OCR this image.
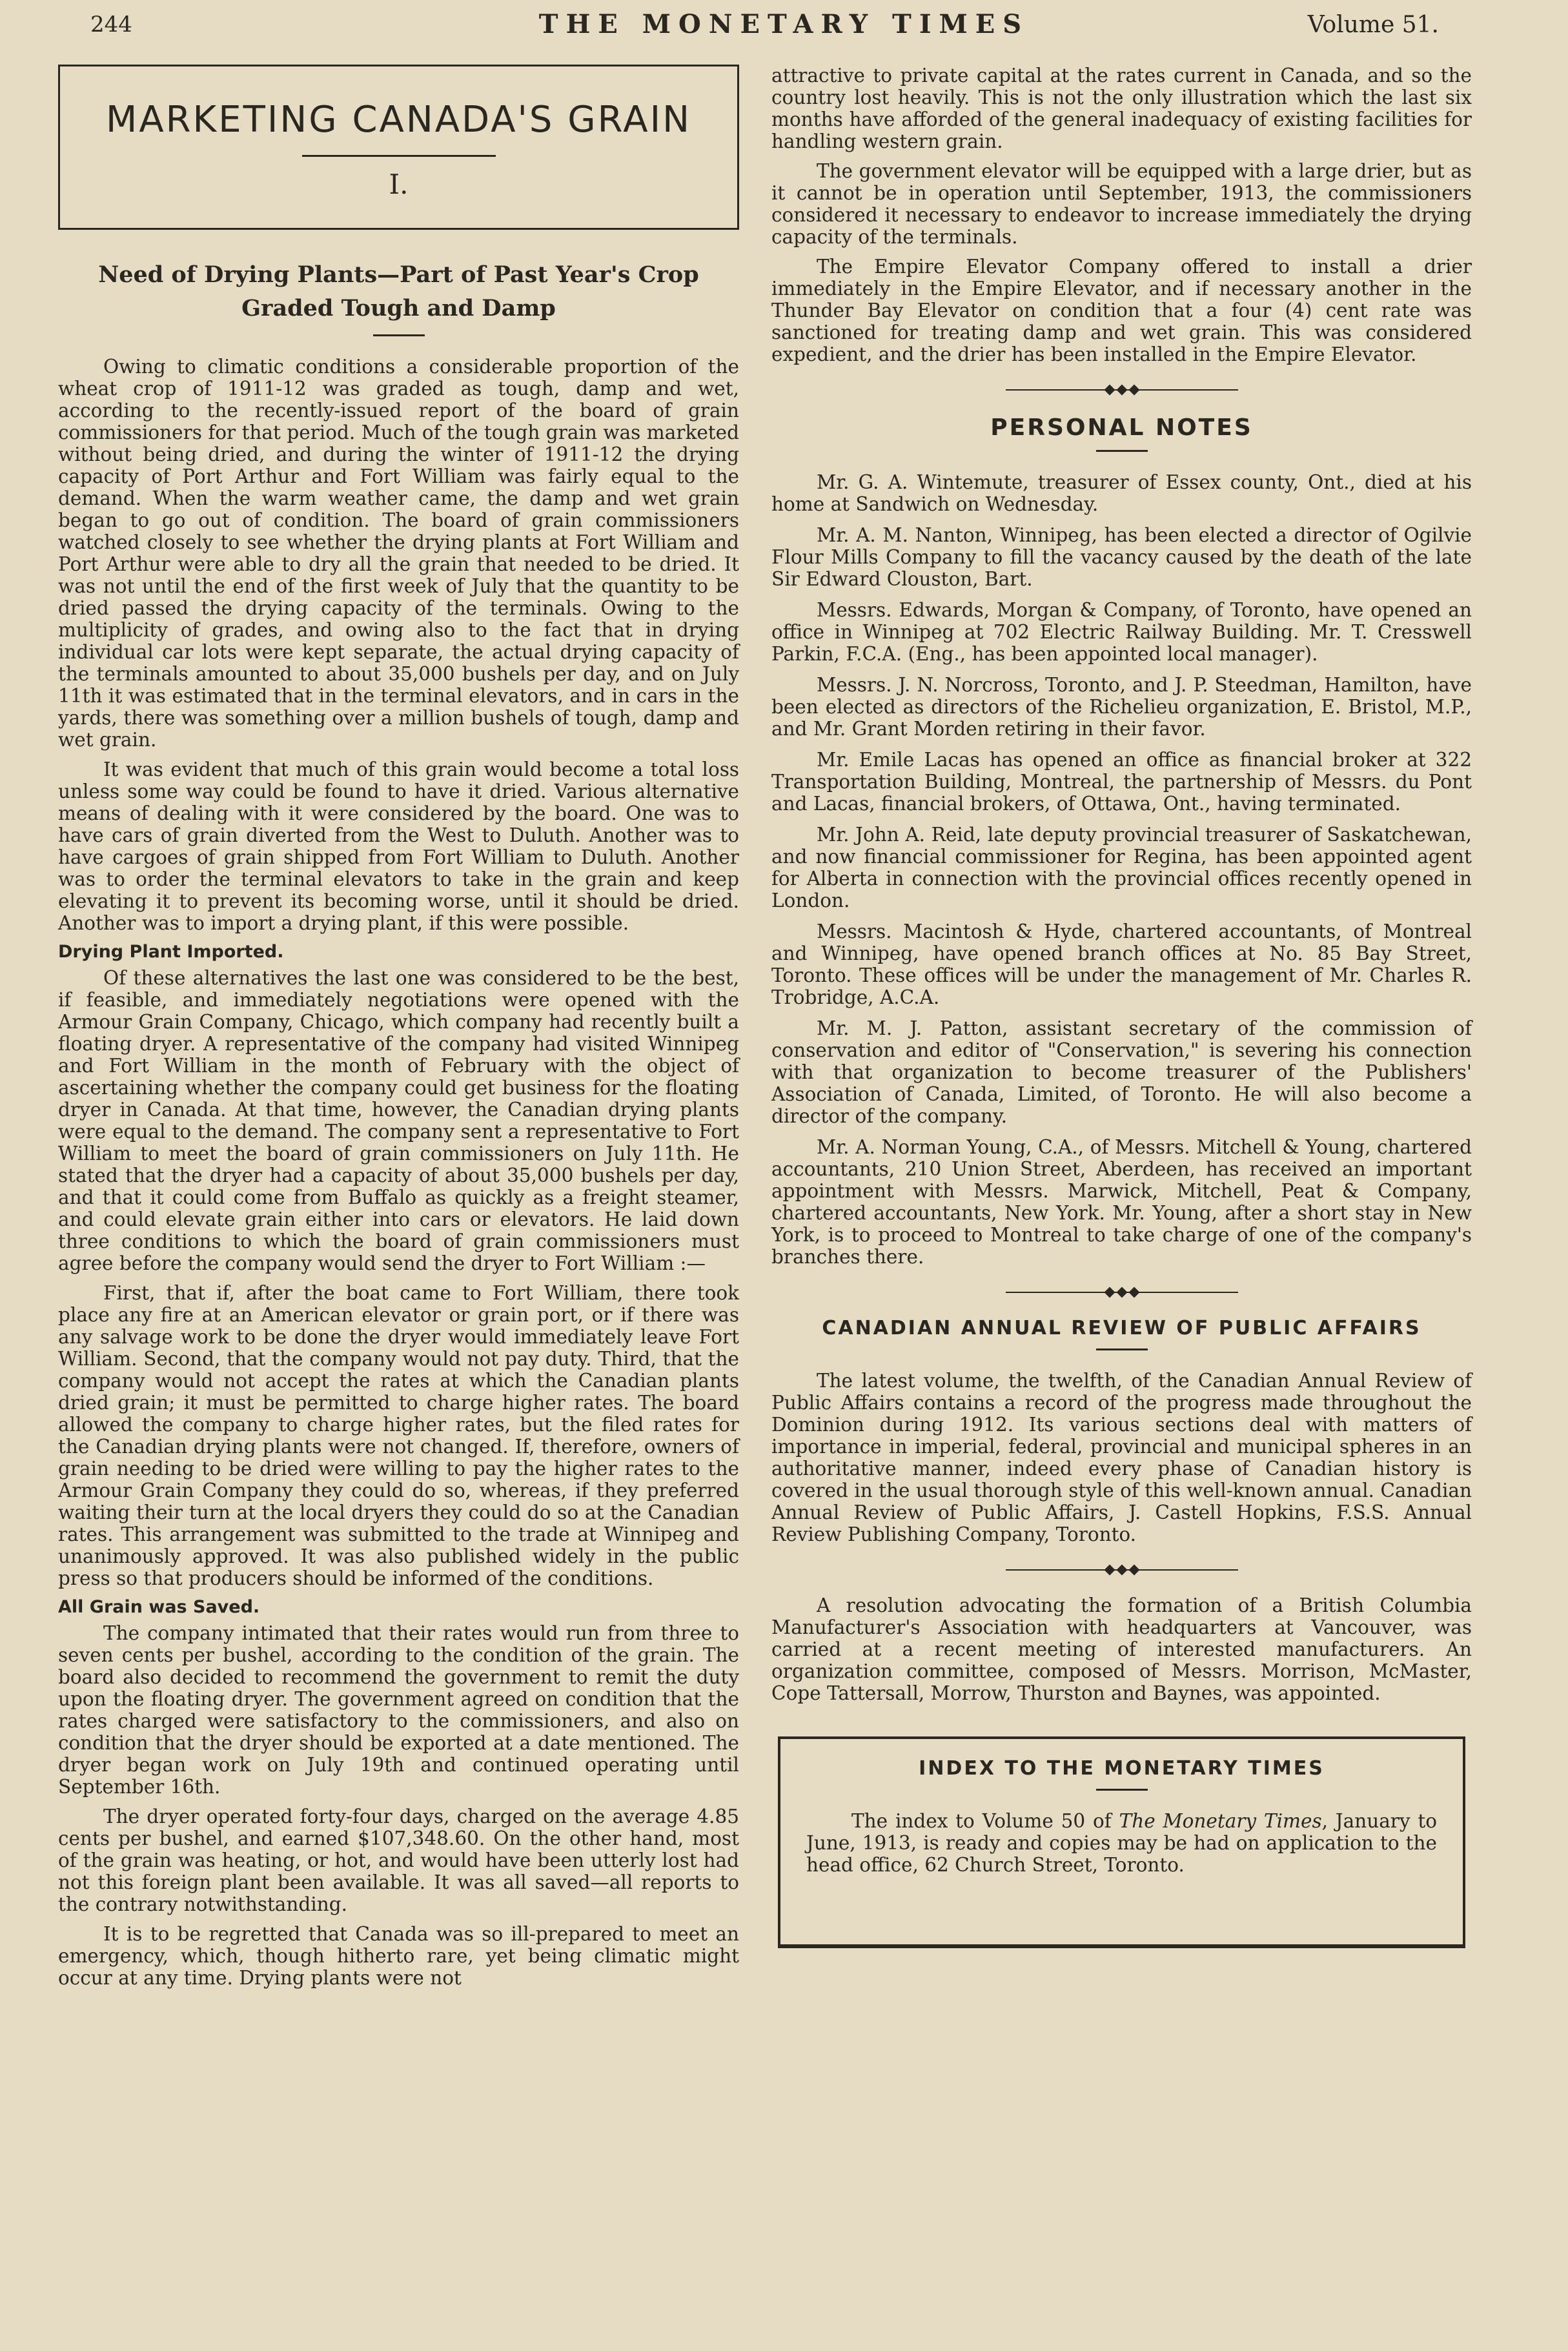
244	THE MONETARY TIMES	Volume 51.
MARKETING CANADA'S GRAIN
I.
Need of Drying Plants—Part of Past Year's Crop Graded Tough and Damp

Owing to climatic conditions a considerable proportion of the wheat crop of 1911-12 was graded as tough, damp and wet, according to the recently-issued report of the board of grain commissioners for that period. Much of the tough grain was marketed without being dried, and during the winter of 1911-12 the drying capacity of Port Arthur and Fort William was fairly equal to the demand. When the warm weather came, the damp and wet grain began to go out of condition. The board of grain commissioners watched closely to see whether the drying plants at Fort William and Port Arthur were able to dry all the grain that needed to be dried. It was not until the end of the first week of July that the quantity to be dried passed the drying capacity of the terminals. Owing to the multiplicity of grades, and owing also to the fact that in drying individual car lots were kept separate, the actual drying capacity of the terminals amounted to about 35,000 bushels per day, and on July 11th it was estimated that in the terminal elevators, and in cars in the yards, there was something over a million bushels of tough, damp and wet grain.

It was evident that much of this grain would become a total loss unless some way could be found to have it dried. Various alternative means of dealing with it were considered by the board. One was to have cars of grain diverted from the West to Duluth. Another was to have cargoes of grain shipped from Fort William to Duluth. Another was to order the terminal elevators to take in the grain and keep elevating it to prevent its becoming worse, until it should be dried. Another was to import a drying plant, if this were possible.

Drying Plant Imported.

Of these alternatives the last one was considered to be the best, if feasible, and immediately negotiations were opened with the Armour Grain Company, Chicago, which company had recently built a floating dryer. A representative of the company had visited Winnipeg and Fort William in the month of February with the object of ascertaining whether the company could get business for the floating dryer in Canada. At that time, however, the Canadian drying plants were equal to the demand. The company sent a representative to Fort William to meet the board of grain commissioners on July 11th. He stated that the dryer had a capacity of about 35,000 bushels per day, and that it could come from Buffalo as quickly as a freight steamer, and could elevate grain either into cars or elevators. He laid down three conditions to which the board of grain commissioners must agree before the company would send the dryer to Fort William :—

First, that if, after the boat came to Fort William, there took place any fire at an American elevator or grain port, or if there was any salvage work to be done the dryer would immediately leave Fort William. Second, that the company would not pay duty. Third, that the company would not accept the rates at which the Canadian plants dried grain; it must be permitted to charge higher rates. The board allowed the company to charge higher rates, but the filed rates for the Canadian drying plants were not changed. If, therefore, owners of grain needing to be dried were willing to pay the higher rates to the Armour Grain Company they could do so, whereas, if they preferred waiting their turn at the local dryers they could do so at the Canadian rates. This arrangement was submitted to the trade at Winnipeg and unanimously approved. It was also published widely in the public press so that producers should be informed of the conditions.

All Grain was Saved.

The company intimated that their rates would run from three to seven cents per bushel, according to the condition of the grain. The board also decided to recommend the government to remit the duty upon the floating dryer. The government agreed on condition that the rates charged were satisfactory to the commissioners, and also on condition that the dryer should be exported at a date mentioned. The dryer began work on July 19th and continued operating until September 16th.

The dryer operated forty-four days, charged on the average 4.85 cents per bushel, and earned $107,348.60. On the other hand, most of the grain was heating, or hot, and would have been utterly lost had not this foreign plant been available. It was all saved—all reports to the contrary notwithstanding.

It is to be regretted that Canada was so ill-prepared to meet an emergency, which, though hitherto rare, yet being climatic might occur at any time. Drying plants were not

attractive to private capital at the rates current in Canada, and so the country lost heavily. This is not the only illustration which the last six months have afforded of the general inadequacy of existing facilities for handling western grain.

The government elevator will be equipped with a large drier, but as it cannot be in operation until September, 1913, the commissioners considered it necessary to endeavor to increase immediately the drying capacity of the terminals.

The Empire Elevator Company offered to install a drier immediately in the Empire Elevator, and if necessary another in the Thunder Bay Elevator on condition that a four (4) cent rate was sanctioned for treating damp and wet grain. This was considered expedient, and the drier has been installed in the Empire Elevator.

PERSONAL NOTES

Mr. G. A. Wintemute, treasurer of Essex county, Ont., died at his home at Sandwich on Wednesday.

Mr. A. M. Nanton, Winnipeg, has been elected a director of Ogilvie Flour Mills Company to fill the vacancy caused by the death of the late Sir Edward Clouston, Bart.

Messrs. Edwards, Morgan & Company, of Toronto, have opened an office in Winnipeg at 702 Electric Railway Building. Mr. T. Cresswell Parkin, F.C.A. (Eng., has been appointed local manager).

Messrs. J. N. Norcross, Toronto, and J. P. Steedman, Hamilton, have been elected as directors of the Richelieu organization, E. Bristol, M.P., and Mr. Grant Morden retiring in their favor.

Mr. Emile Lacas has opened an office as financial broker at 322 Transportation Building, Montreal, the partnership of Messrs. du Pont and Lacas, financial brokers, of Ottawa, Ont., having terminated.

Mr. John A. Reid, late deputy provincial treasurer of Saskatchewan, and now financial commissioner for Regina, has been appointed agent for Alberta in connection with the provincial offices recently opened in London.

Messrs. Macintosh & Hyde, chartered accountants, of Montreal and Winnipeg, have opened branch offices at No. 85 Bay Street, Toronto. These offices will be under the management of Mr. Charles R. Trobridge, A.C.A.

Mr. M. J. Patton, assistant secretary of the commission of conservation and editor of "Conservation," is severing his connection with that organization to become treasurer of the Publishers' Association of Canada, Limited, of Toronto. He will also become a director of the company.

Mr. A. Norman Young, C.A., of Messrs. Mitchell & Young, chartered accountants, 210 Union Street, Aberdeen, has received an important appointment with Messrs. Marwick, Mitchell, Peat & Company, chartered accountants, New York. Mr. Young, after a short stay in New York, is to proceed to Montreal to take charge of one of the company's branches there.

CANADIAN ANNUAL REVIEW OF PUBLIC AFFAIRS

The latest volume, the twelfth, of the Canadian Annual Review of Public Affairs contains a record of the progress made throughout the Dominion during 1912. Its various sections deal with matters of importance in imperial, federal, provincial and municipal spheres in an authoritative manner, indeed every phase of Canadian history is covered in the usual thorough style of this well-known annual. Canadian Annual Review of Public Affairs, J. Castell Hopkins, F.S.S. Annual Review Publishing Company, Toronto.

A resolution advocating the formation of a British Columbia Manufacturer's Association with headquarters at Vancouver, was carried at a recent meeting of interested manufacturers. An organization committee, composed of Messrs. Morrison, McMaster, Cope Tattersall, Morrow, Thurston and Baynes, was appointed.

INDEX TO THE MONETARY TIMES

The index to Volume 50 of The Monetary Times, January to June, 1913, is ready and copies may be had on application to the head office, 62 Church Street, Toronto.
